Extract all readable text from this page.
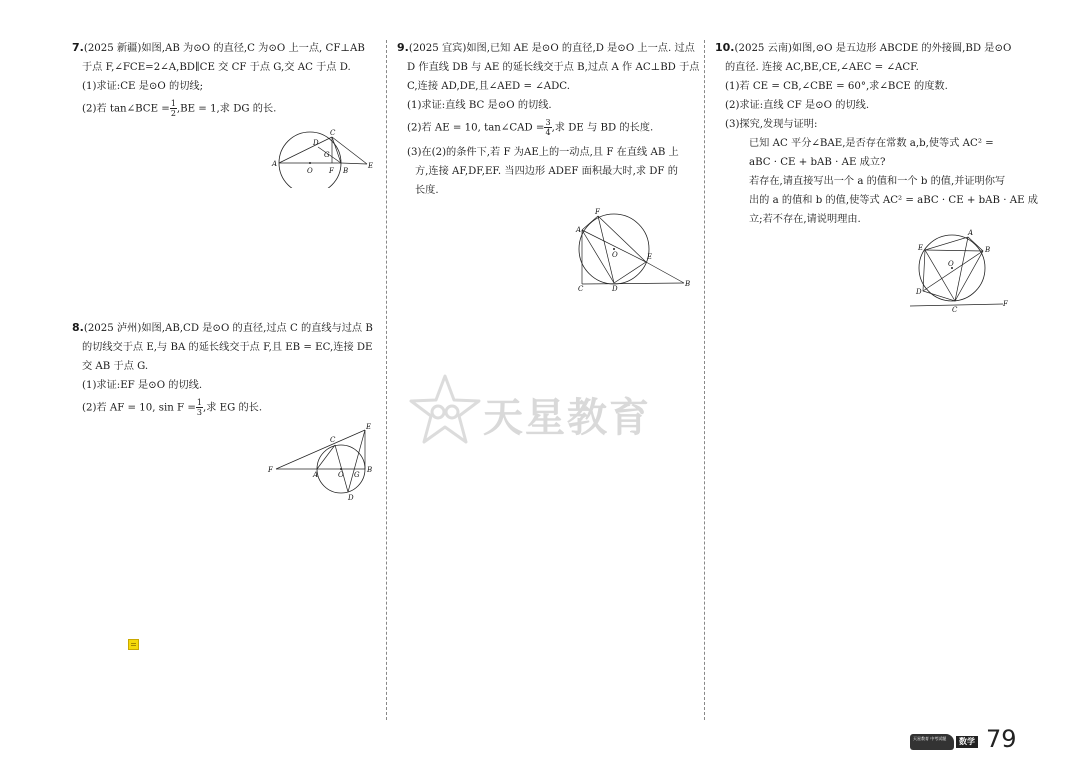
7.(2025 新疆)如图,AB 为⊙O 的直径,C 为⊙O 上一点, CF⊥AB

于点 F,∠FCE=2∠A,BD∥CE 交 CF 于点 G,交 AC 于点 D.

(1)求证:CE 是⊙O 的切线;

(2)若 tan∠BCE = $\frac{1}{2} ,BE = 1$,求 DG 的长.

A
O F B
E
C
D
G

8.(2025 泸州)如图,AB,CD 是⊙O 的直径,过点 C 的直线与过点 B

的切线交于点 E,与 BA 的延长线交于点 F,且 EB = EC,连接 DE

交 AB 于点 G.

(1)求证:EF 是⊙O 的切线.

(2)若 AF = 10, $\sin F = \frac{1}{3}$ ,求 EG 的长.

F
A	O G
B
C
E
D

9.(2025 宜宾)如图,已知 AE 是⊙O 的直径,D 是⊙O 上一点. 过点

D 作直线 DB 与 AE 的延长线交于点 B,过点 A 作 AC⊥BD 于点

C,连接 AD,DE,且∠AED = ∠ADC.

(1)求证:直线 BC 是⊙O 的切线.

(2)若 AE = 10, tan∠CAD = $\frac{3}{4}$ ,求 DE 与 BD 的长度.

(3)在(2)的条件下,若 F 为AE上的一动点,且 F 在直线 AB 上

方,连接 AF,DF,EF. 当四边形 ADEF 面积最大时,求 DF 的

长度.

F
A
O	E
C	D
B

10.(2025 云南)如图,⊙O 是五边形 ABCDE 的外接圆,BD 是⊙O

的直径. 连接 AC,BE,CE,∠AEC = ∠ACF.

(1)若 CE = CB,∠CBE = 60°,求∠BCE 的度数.

(2)求证:直线 CF 是⊙O 的切线.

(3)探究,发现与证明:

已知 AC 平分∠BAE,是否存在常数 a,b,使等式 AC² =

aBC · CE + bAB · AE 成立?

若存在,请直接写出一个 a 的值和一个 b 的值,并证明你写

出的 a 的值和 b 的值,使等式 AC² = aBC · CE + bAB · AE 成

立;若不存在,请说明理由.

A
E	B
O
D
C
F
天星教育
天星教育 中考试题	数学 79
